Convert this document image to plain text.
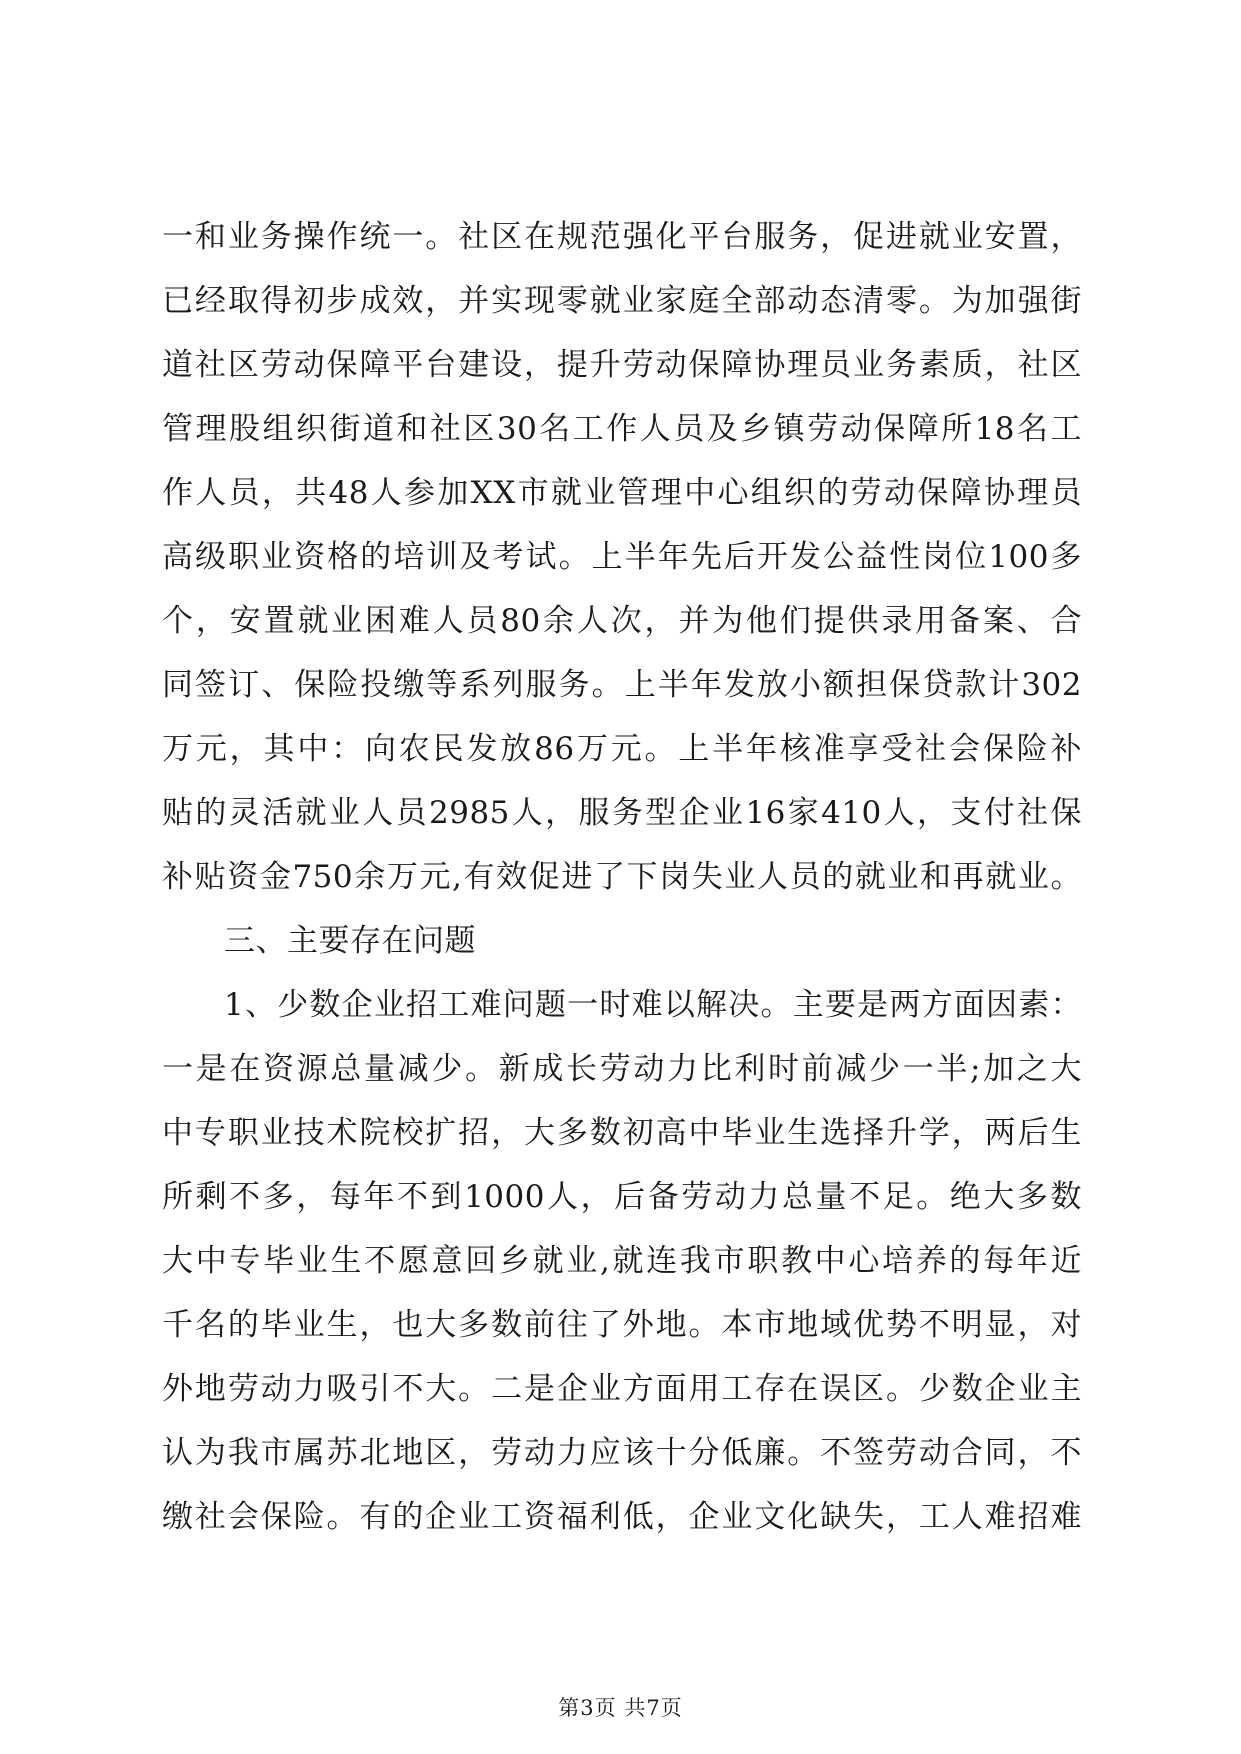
一和业务操作统一。社区在规范强化平台服务，促进就业安置，
已经取得初步成效，并实现零就业家庭全部动态清零。为加强街
道社区劳动保障平台建设，提升劳动保障协理员业务素质，社区
管理股组织街道和社区30名工作人员及乡镇劳动保障所18名工
作人员，共48人参加XX市就业管理中心组织的劳动保障协理员
高级职业资格的培训及考试。上半年先后开发公益性岗位100多
个，安置就业困难人员80余人次，并为他们提供录用备案、合
同签订、保险投缴等系列服务。上半年发放小额担保贷款计302
万元，其中：向农民发放86万元。上半年核准享受社会保险补
贴的灵活就业人员2985人，服务型企业16家410人，支付社保
补贴资金750余万元,有效促进了下岗失业人员的就业和再就业。
三、主要存在问题
1、少数企业招工难问题一时难以解决。主要是两方面因素：
一是在资源总量减少。新成长劳动力比利时前减少一半;加之大
中专职业技术院校扩招，大多数初高中毕业生选择升学，两后生
所剩不多，每年不到1000人，后备劳动力总量不足。绝大多数
大中专毕业生不愿意回乡就业,就连我市职教中心培养的每年近
千名的毕业生，也大多数前往了外地。本市地域优势不明显，对
外地劳动力吸引不大。二是企业方面用工存在误区。少数企业主
认为我市属苏北地区，劳动力应该十分低廉。不签劳动合同，不
缴社会保险。有的企业工资福利低，企业文化缺失，工人难招难
第3页 共7页
